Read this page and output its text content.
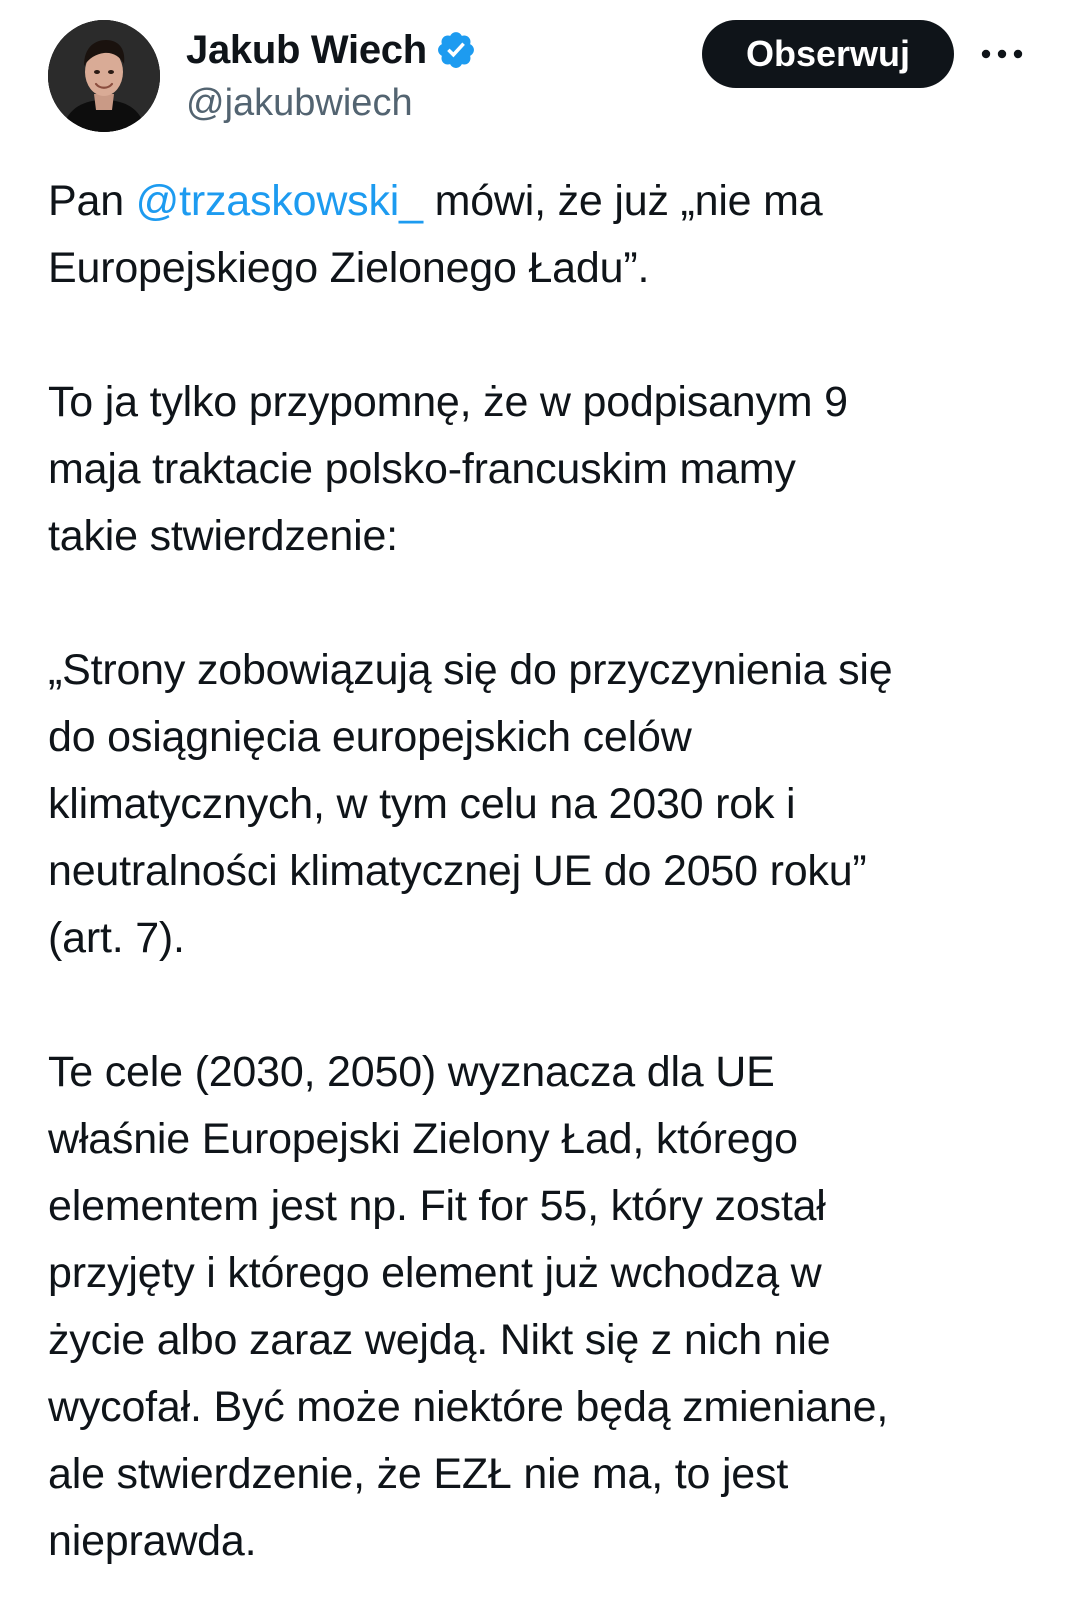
Jakub Wiech
@jakubwiech
Obserwuj

Pan @trzaskowski_ mówi, że już „nie ma
Europejskiego Zielonego Ładu”.

To ja tylko przypomnę, że w podpisanym 9
maja traktacie polsko-francuskim mamy
takie stwierdzenie:

„Strony zobowiązują się do przyczynienia się
do osiągnięcia europejskich celów
klimatycznych, w tym celu na 2030 rok i
neutralności klimatycznej UE do 2050 roku”
(art. 7).

Te cele (2030, 2050) wyznacza dla UE
właśnie Europejski Zielony Ład, którego
elementem jest np. Fit for 55, który został
przyjęty i którego element już wchodzą w
życie albo zaraz wejdą. Nikt się z nich nie
wycofał. Być może niektóre będą zmieniane,
ale stwierdzenie, że EZŁ nie ma, to jest
nieprawda.
